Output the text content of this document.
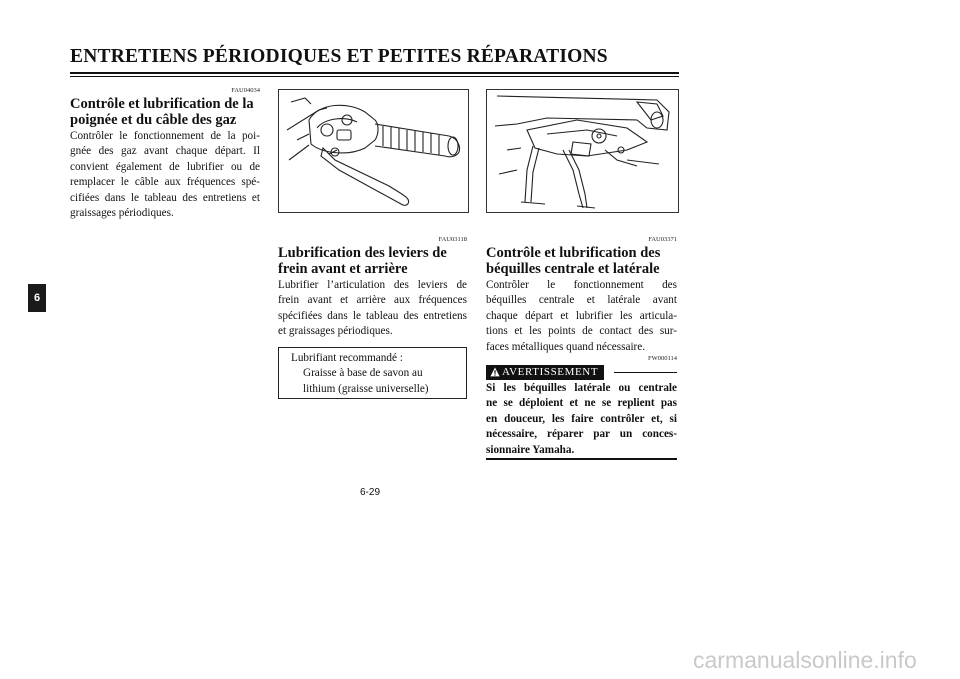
ENTRETIENS PÉRIODIQUES ET PETITES RÉPARATIONS
6
FAU04034
Contrôle et lubrification de la
poignée et du câble des gaz
Contrôler le fonctionnement de la poi-
gnée des gaz avant chaque départ. Il
convient également de lubrifier ou de
remplacer le câble aux fréquences spé-
cifiées dans le tableau des entretiens et
graissages périodiques.
FAU03118
Lubrification des leviers de
frein avant et arrière
Lubrifier l’articulation des leviers de
frein avant et arrière aux fréquences
spécifiées dans le tableau des entretiens
et graissages périodiques.
Lubrifiant recommandé :
Graisse à base de savon au
lithium (graisse universelle)
FAU03371
Contrôle et lubrification des
béquilles centrale et latérale
Contrôler le fonctionnement des
béquilles centrale et latérale avant
chaque départ et lubrifier les articula-
tions et les points de contact des sur-
faces métalliques quand nécessaire.
FW000114
AVERTISSEMENT
Si les béquilles latérale ou centrale
ne se déploient et ne se replient pas
en douceur, les faire contrôler et, si
nécessaire, réparer par un conces-
sionnaire Yamaha.
6-29
carmanualsonline.info
